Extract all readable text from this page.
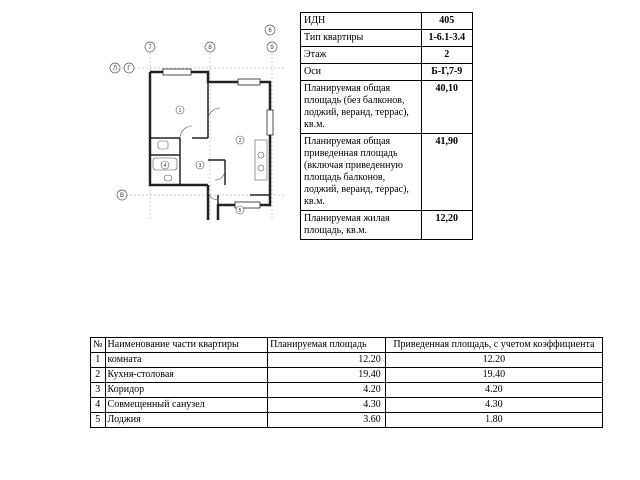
7	8	9
6
Л Г
В
1
2
3
4
5
ИДН	405
Тип квартиры	1-6.1-3.4
Этаж	2
Оси	Б-Г,7-9
Планируемая общая площадь (без балконов, лоджий, веранд, террас), кв.м.	40,10
Планируемая общая приведенная площадь (включая приведенную площадь балконов, лоджий, веранд, террас), кв.м.	41,90
Планируемая жилая площадь, кв.м.	12,20
№	Наименование части квартиры	Планируемая площадь	Приведенная площадь, с учетом коэффициента
1	комната	12.20	12.20
2	Кухня-столовая	19.40	19.40
3	Коридор	4.20	4.20
4	Совмещенный санузел	4.30	4.30
5	Лоджия	3.60	1.80
